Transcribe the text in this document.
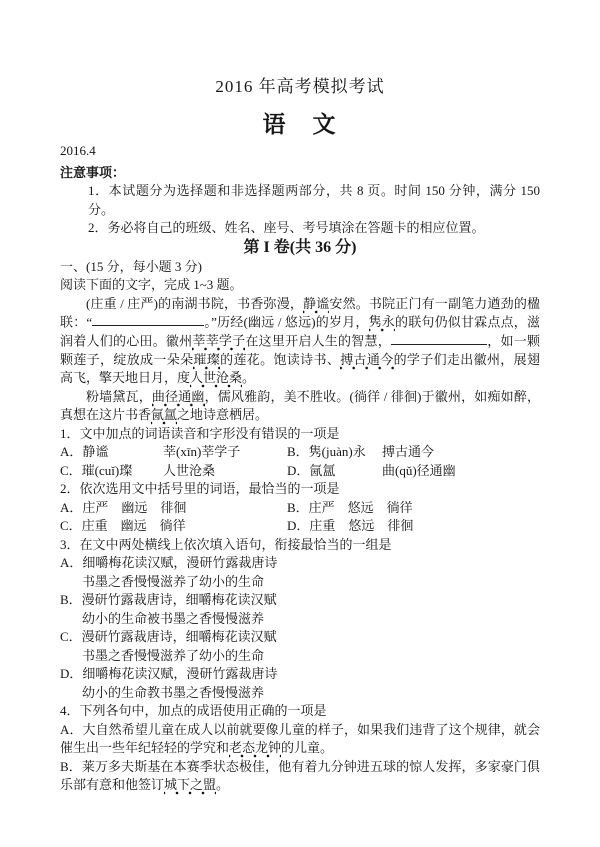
2016 年高考模拟考试
语　文
2016.4
注意事项：
1．本试题分为选择题和非选择题两部分，共 8 页。时间 150 分钟，满分 150 分。
2．务必将自己的班级、姓名、座号、考号填涂在答题卡的相应位置。
第 I 卷(共 36 分)
一、(15 分，每小题 3 分)
阅读下面的文字，完成 1~3 题。
(庄重 / 庄严)的南湖书院，书香弥漫，静谧安然。书院正门有一副笔力遒劲的楹联：“	。”历经(幽远 / 悠远)的岁月，隽永的联句仍似甘霖点点，滋润着人们的心田。徽州莘莘学子在这里开启人生的智慧，	，如一颗颗莲子，绽放成一朵朵璀璨的莲花。饱读诗书、搏古通今的学子们走出徽州，展翅高飞，擎天地日月，度人世沧桑。
粉墙黛瓦，曲径通幽，儒风雅韵，美不胜收。(徜徉 / 徘徊)于徽州，如痴如醉，真想在这片书香氤氲之地诗意栖居。
1．文中加点的词语读音和字形没有错误的一项是
A．静谧	莘(xīn)莘学子	B．隽(juàn)永	搏古通今
C．璀(cuǐ)璨	人世沧桑	D．氤氲	曲(qǔ)径通幽
2．依次选用文中括号里的词语，最恰当的一项是
A．庄严　幽远　徘徊	B．庄严　悠远　徜徉
C．庄重　幽远　徜徉	D．庄重　悠远　徘徊
3．在文中两处横线上依次填入语句，衔接最恰当的一组是
A．细嚼梅花读汉赋，漫研竹露裁唐诗
书墨之香慢慢滋养了幼小的生命
B．漫研竹露裁唐诗，细嚼梅花读汉赋
幼小的生命被书墨之香慢慢滋养
C．漫研竹露裁唐诗，细嚼梅花读汉赋
书墨之香慢慢滋养了幼小的生命
D．细嚼梅花读汉赋，漫研竹露裁唐诗
幼小的生命教书墨之香慢慢滋养
4．下列各句中，加点的成语使用正确的一项是
A．大自然希望儿童在成人以前就要像儿童的样子，如果我们违背了这个规律，就会催生出一些年纪轻轻的学究和老态龙钟的儿童。
B．莱万多夫斯基在本赛季状态极佳，他有着九分钟进五球的惊人发挥，多家豪门俱乐部有意和他签订城下之盟。
